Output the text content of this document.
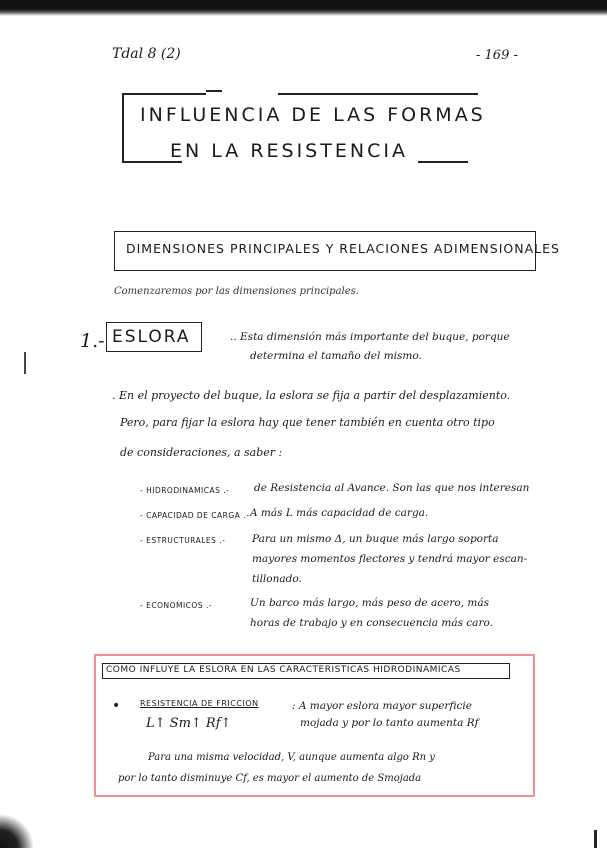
Tdal 8 (2)	- 169 -
INFLUENCIA DE LAS FORMAS
EN LA RESISTENCIA
DIMENSIONES PRINCIPALES Y RELACIONES ADIMENSIONALES
Comenzaremos por las dimensiones principales.
1.- ESLORA	.. Esta dimensión más importante del buque, porque
determina el tamaño del mismo.
. En el proyecto del buque, la eslora se fija a partir del desplazamiento.
Pero, para fijar la eslora hay que tener también en cuenta otro tipo
de consideraciones, a saber :
- HIDRODINAMICAS .- de Resistencia al Avance. Son las que nos interesan
- CAPACIDAD DE CARGA .- A más L más capacidad de carga.
- ESTRUCTURALES .-	Para un mismo Δ, un buque más largo soporta
mayores momentos flectores y tendrá mayor escan-
tillonado.
- ECONOMICOS .-	Un barco más largo, más peso de acero, más
horas de trabajo y en consecuencia más caro.
COMO INFLUYE LA ESLORA EN LAS CARACTERISTICAS HIDRODINAMICAS
• RESISTENCIA DE FRICCION
L↑ Sm↑ Rf↑
: A mayor eslora mayor superficie
mojada y por lo tanto aumenta Rf
Para una misma velocidad, V, aunque aumenta algo Rn y
por lo tanto disminuye Cf, es mayor el aumento de Smojada
